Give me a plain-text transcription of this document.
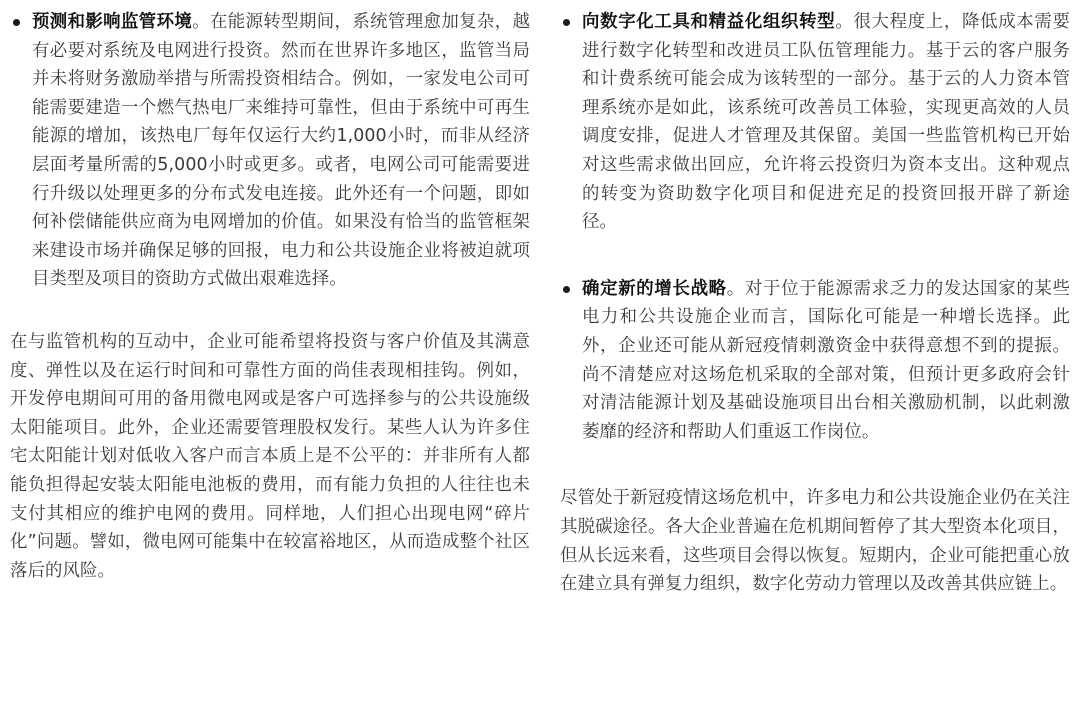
预测和影响监管环境。在能源转型期间，系统管理愈加复杂，越有必要对系统及电网进行投资。然而在世界许多地区，监管当局并未将财务激励举措与所需投资相结合。例如，一家发电公司可能需要建造一个燃气热电厂来维持可靠性，但由于系统中可再生能源的增加，该热电厂每年仅运行大约1,000小时，而非从经济层面考量所需的5,000小时或更多。或者，电网公司可能需要进行升级以处理更多的分布式发电连接。此外还有一个问题，即如何补偿储能供应商为电网增加的价值。如果没有恰当的监管框架来建设市场并确保足够的回报，电力和公共设施企业将被迫就项目类型及项目的资助方式做出艰难选择。

在与监管机构的互动中，企业可能希望将投资与客户价值及其满意度、弹性以及在运行时间和可靠性方面的尚佳表现相挂钩。例如，开发停电期间可用的备用微电网或是客户可选择参与的公共设施级太阳能项目。此外，企业还需要管理股权发行。某些人认为许多住宅太阳能计划对低收入客户而言本质上是不公平的：并非所有人都能负担得起安装太阳能电池板的费用，而有能力负担的人往往也未支付其相应的维护电网的费用。同样地，人们担心出现电网“碎片化”问题。譬如，微电网可能集中在较富裕地区，从而造成整个社区落后的风险。

向数字化工具和精益化组织转型。很大程度上，降低成本需要进行数字化转型和改进员工队伍管理能力。基于云的客户服务和计费系统可能会成为该转型的一部分。基于云的人力资本管理系统亦是如此，该系统可改善员工体验，实现更高效的人员调度安排，促进人才管理及其保留。美国一些监管机构已开始对这些需求做出回应，允许将云投资归为资本支出。这种观点的转变为资助数字化项目和促进充足的投资回报开辟了新途径。

确定新的增长战略。对于位于能源需求乏力的发达国家的某些电力和公共设施企业而言，国际化可能是一种增长选择。此外，企业还可能从新冠疫情刺激资金中获得意想不到的提振。尚不清楚应对这场危机采取的全部对策，但预计更多政府会针对清洁能源计划及基础设施项目出台相关激励机制，以此刺激萎靡的经济和帮助人们重返工作岗位。

尽管处于新冠疫情这场危机中，许多电力和公共设施企业仍在关注其脱碳途径。各大企业普遍在危机期间暂停了其大型资本化项目，但从长远来看，这些项目会得以恢复。短期内，企业可能把重心放在建立具有弹复力组织，数字化劳动力管理以及改善其供应链上。
